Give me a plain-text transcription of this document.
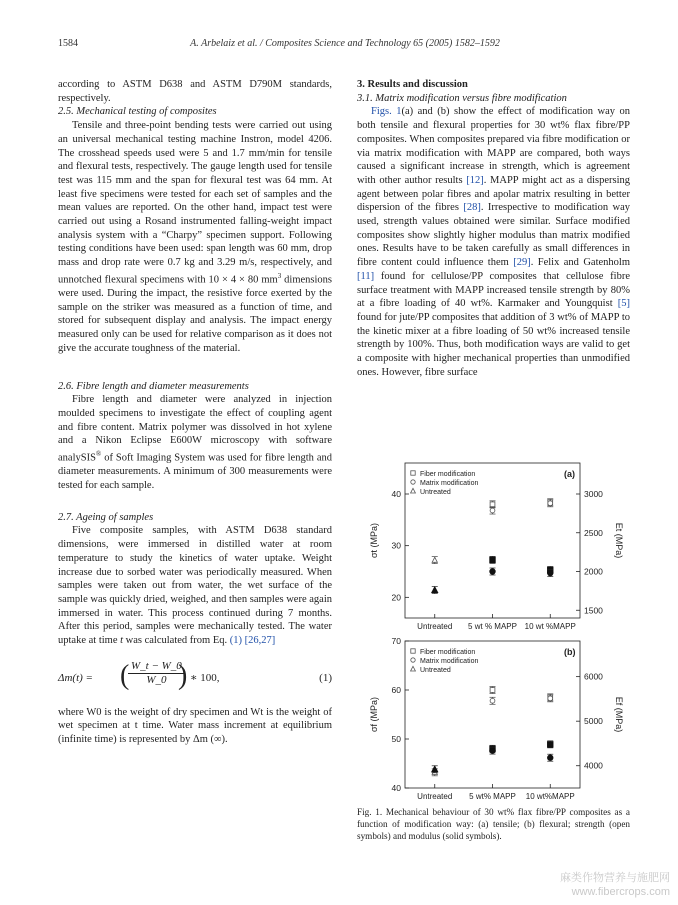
1584	A. Arbelaiz et al. / Composites Science and Technology 65 (2005) 1582–1592

according to ASTM D638 and ASTM D790M standards, respectively.

2.5. Mechanical testing of composites

Tensile and three-point bending tests were carried out using an universal mechanical testing machine Instron, model 4206. The crosshead speeds used were 5 and 1.7 mm/min for tensile and flexural tests, respectively. The gauge length used for tensile test was 115 mm and the span for flexural test was 64 mm. At least five specimens were tested for each set of samples and the mean values are reported. On the other hand, impact test were carried out using a Rosand instrumented falling-weight impact analysis system with a “Charpy” specimen support. Following testing conditions have been used: span length was 60 mm, drop mass and drop rate were 0.7 kg and 3.29 m/s, respectively, and unnotched flexural specimens with 10 × 4 × 80 $mm^3$ dimensions were used. During the impact, the resistive force exerted by the sample on the striker was measured as a function of time, and stored for subsequent display and analysis. The impact energy measured only can be used for relative comparison as it does not give the accurate toughness of the material.

2.6. Fibre length and diameter measurements

Fibre length and diameter were analyzed in injection moulded specimens to investigate the effect of coupling agent and fibre content. Matrix polymer was dissolved in hot xylene and a Nikon Eclipse E600W microscopy with software analySIS® of Soft Imaging System was used for fibre length and diameter measurements. A minimum of 300 measurements were tested for each sample.

2.7. Ageing of samples

Five composite samples, with ASTM D638 standard dimensions, were immersed in distilled water at room temperature to study the kinetics of water uptake. Weight increase due to sorbed water was periodically measured. When samples were taken out from water, the wet surface of the sample was quickly dried, weighed, and then samples were again immersed in water. This process continued during 7 months. After this period, samples were mechanically tested. The water uptake at time t was calculated from Eq. (1) [26,27]

Δm(t) = (
$\frac{W\_t - W\_0}{W\_0}$
) ∗ 100,	(1)

where W0 is the weight of dry specimen and Wt is the weight of wet specimen at t time. Water mass increment at equilibrium (infinite time) is represented by Δm (∞).

3. Results and discussion

3.1. Matrix modification versus fibre modification

Figs. 1(a) and (b) show the effect of modification way on both tensile and flexural properties for 30 wt% flax fibre/PP composites. When composites prepared via fibre modification or via matrix modification with MAPP are compared, both ways caused a significant increase in strength, which is agreement with other author results [12]. MAPP might act as a dispersing agent between polar fibres and apolar matrix resulting in better dispersion of the fibres [28]. Irrespective to modification way used, strength values obtained were similar. Surface modified composites show slightly higher modulus than matrix modified ones. Results have to be taken carefully as small differences in fibre content could influence them [29]. Felix and Gatenholm [11] found for cellulose/PP composites that cellulose fibre surface treatment with MAPP increased tensile strength by 80% at a fibre loading of 40 wt%. Karmaker and Youngquist [5] found for jute/PP composites that addition of 3 wt% of MAPP to the kinetic mixer at a fibre loading of 50 wt% increased tensile strength by 100%. Thus, both modification ways are valid to get a composite with higher mechanical properties than unmodified ones. However, fibre surface

20
30
40
1500
2000
2500
3000
Untreated 5 wt % MAPP 10 wt %MAPP
σt (MPa)	Et (MPa)
(a)
Fiber modification
Matrix modification
Untreated
40
50
60
70
4000
5000
6000
Untreated 5 wt% MAPP 10 wt%MAPP
σf (MPa)	Ef (MPa)
(b)
Fiber modification
Matrix modification
Untreated
Fig. 1. Mechanical behaviour of 30 wt% flax fibre/PP composites as a function of modification way: (a) tensile; (b) flexural; strength (open symbols) and modulus (solid symbols).
麻类作物营养与施肥网
www.fibercrops.com
